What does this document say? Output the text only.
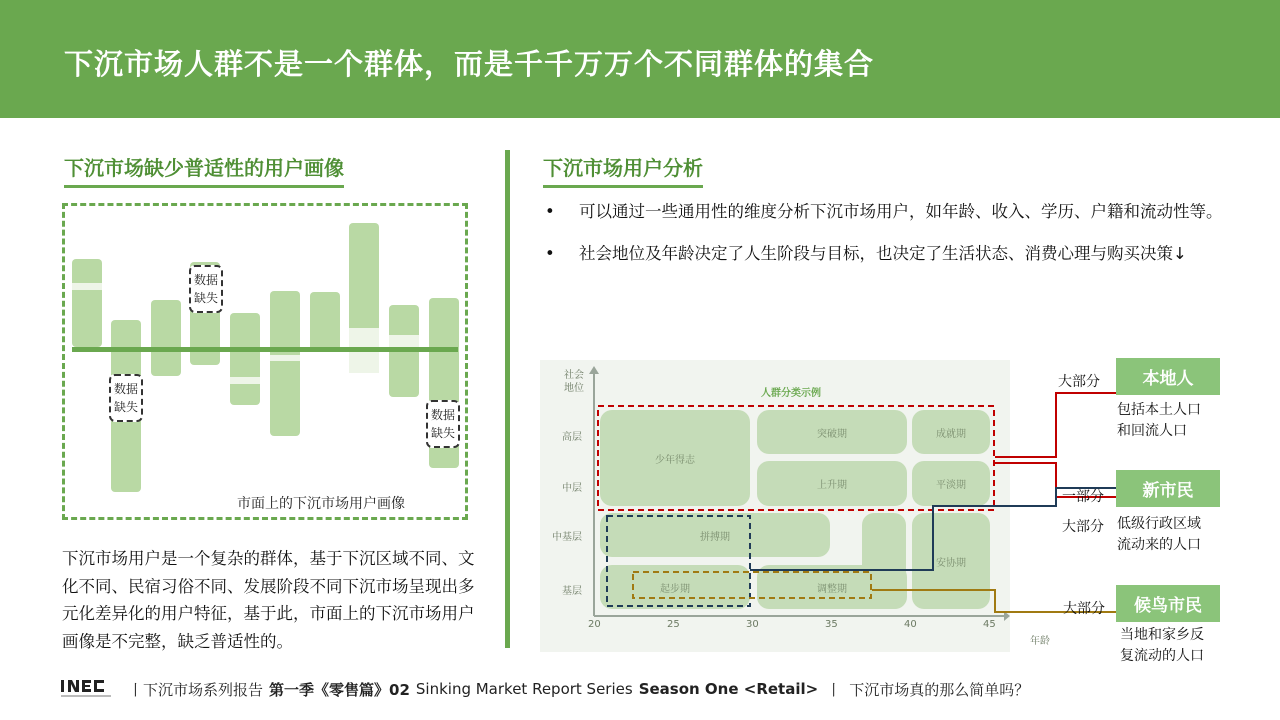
下沉市场人群不是一个群体，而是千千万万个不同群体的集合
下沉市场缺少普适性的用户画像
数据
缺失
数据
缺失
数据
缺失
市面上的下沉市场用户画像
下沉市场用户是一个复杂的群体，基于下沉区域不同、文化不同、民宿习俗不同、发展阶段不同下沉市场呈现出多元化差异化的用户特征，基于此，市面上的下沉市场用户画像是不完整，缺乏普适性的。
下沉市场用户分析
• 可以通过一些通用性的维度分析下沉市场用户，如年龄、收入、学历、户籍和流动性等。
• 社会地位及年龄决定了人生阶段与目标，也决定了生活状态、消费心理与购买决策↓
社会
地位	人群分类示例
高层
中层
中基层
基层
20	25	30	35	40	45
年龄
少年得志
突破期	成就期
上升期	平淡期
拼搏期
安协期
起步期	调整期
大部分	本地人
包括本土人口
和回流人口
一部分	新市民
大部分 低级行政区域
流动来的人口
大部分	候鸟市民
当地和家乡反
复流动的人口
丨下沉市场系列报告 第一季《零售篇》02 Sinking Market Report Series Season One <Retail> 丨 下沉市场真的那么简单吗？
